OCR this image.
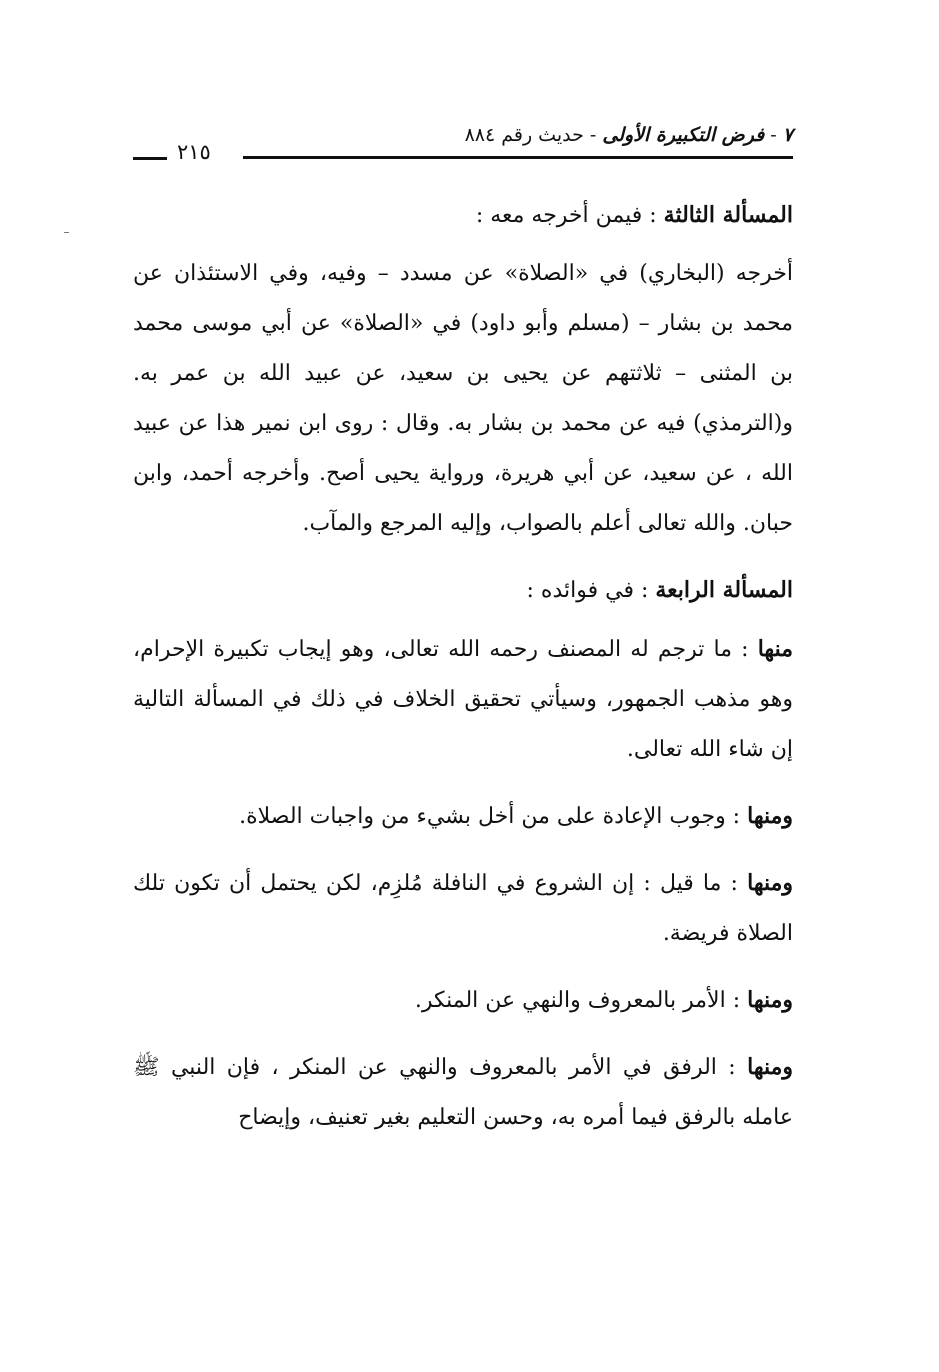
٧ - فرض التكبيرة الأولى - حديث رقم ٨٨٤
٢١٥

المسألة الثالثة : فيمن أخرجه معه :

أخرجه (البخاري) في «الصلاة» عن مسدد – وفيه، وفي الاستئذان عن محمد بن بشار – (مسلم وأبو داود) في «الصلاة» عن أبي موسى محمد بن المثنى – ثلاثتهم عن يحيى بن سعيد، عن عبيد الله بن عمر به. و(الترمذي) فيه عن محمد بن بشار به. وقال : روى ابن نمير هذا عن عبيد الله ، عن سعيد، عن أبي هريرة، ورواية يحيى أصح. وأخرجه أحمد، وابن حبان. والله تعالى أعلم بالصواب، وإليه المرجع والمآب.

المسألة الرابعة : في فوائده :

منها : ما ترجم له المصنف رحمه الله تعالى، وهو إيجاب تكبيرة الإحرام، وهو مذهب الجمهور، وسيأتي تحقيق الخلاف في ذلك في المسألة التالية إن شاء الله تعالى.

ومنها : وجوب الإعادة على من أخل بشيء من واجبات الصلاة.

ومنها : ما قيل : إن الشروع في النافلة مُلزِم، لكن يحتمل أن تكون تلك الصلاة فريضة.

ومنها : الأمر بالمعروف والنهي عن المنكر.

ومنها : الرفق في الأمر بالمعروف والنهي عن المنكر ، فإن النبي ﷺ عامله بالرفق فيما أمره به، وحسن التعليم بغير تعنيف، وإيضاح
